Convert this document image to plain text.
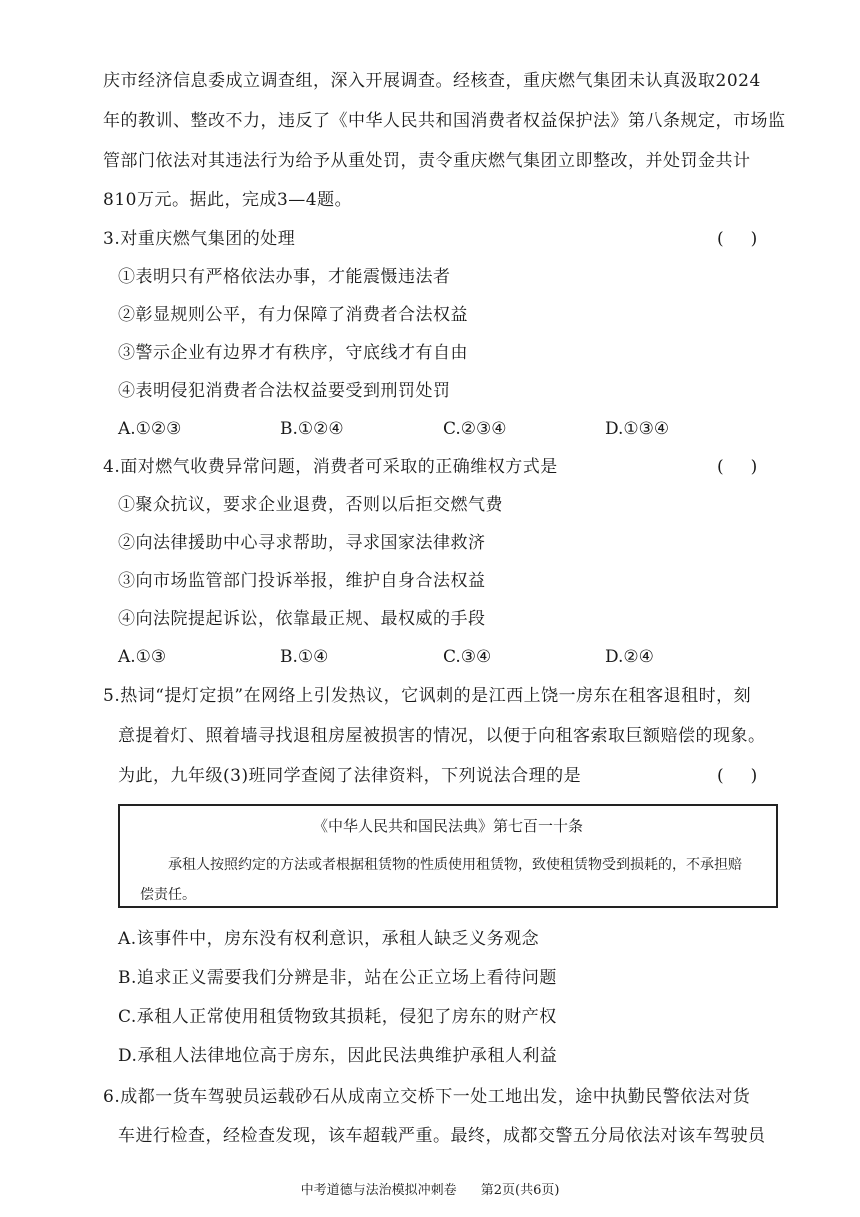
庆市经济信息委成立调查组，深入开展调查。经核查，重庆燃气集团未认真汲取2024
年的教训、整改不力，违反了《中华人民共和国消费者权益保护法》第八条规定，市场监
管部门依法对其违法行为给予从重处罚，责令重庆燃气集团立即整改，并处罚金共计
810万元。据此，完成3—4题。
3.对重庆燃气集团的处理	(     )
①表明只有严格依法办事，才能震慑违法者
②彰显规则公平，有力保障了消费者合法权益
③警示企业有边界才有秩序，守底线才有自由
④表明侵犯消费者合法权益要受到刑罚处罚
A.①②③	B.①②④	C.②③④	D.①③④
4.面对燃气收费异常问题，消费者可采取的正确维权方式是	(     )
①聚众抗议，要求企业退费，否则以后拒交燃气费
②向法律援助中心寻求帮助，寻求国家法律救济
③向市场监管部门投诉举报，维护自身合法权益
④向法院提起诉讼，依靠最正规、最权威的手段
A.①③	B.①④	C.③④	D.②④
5.热词“提灯定损”在网络上引发热议，它讽刺的是江西上饶一房东在租客退租时，刻
意提着灯、照着墙寻找退租房屋被损害的情况，以便于向租客索取巨额赔偿的现象。
为此，九年级(3)班同学查阅了法律资料，下列说法合理的是	(     )
《中华人民共和国民法典》第七百一十条
承租人按照约定的方法或者根据租赁物的性质使用租赁物，致使租赁物受到损耗的，不承担赔偿责任。
A.该事件中，房东没有权利意识，承租人缺乏义务观念
B.追求正义需要我们分辨是非，站在公正立场上看待问题
C.承租人正常使用租赁物致其损耗，侵犯了房东的财产权
D.承租人法律地位高于房东，因此民法典维护承租人利益
6.成都一货车驾驶员运载砂石从成南立交桥下一处工地出发，途中执勤民警依法对货
车进行检查，经检查发现，该车超载严重。最终，成都交警五分局依法对该车驾驶员
中考道德与法治模拟冲刺卷 第2页(共6页)
